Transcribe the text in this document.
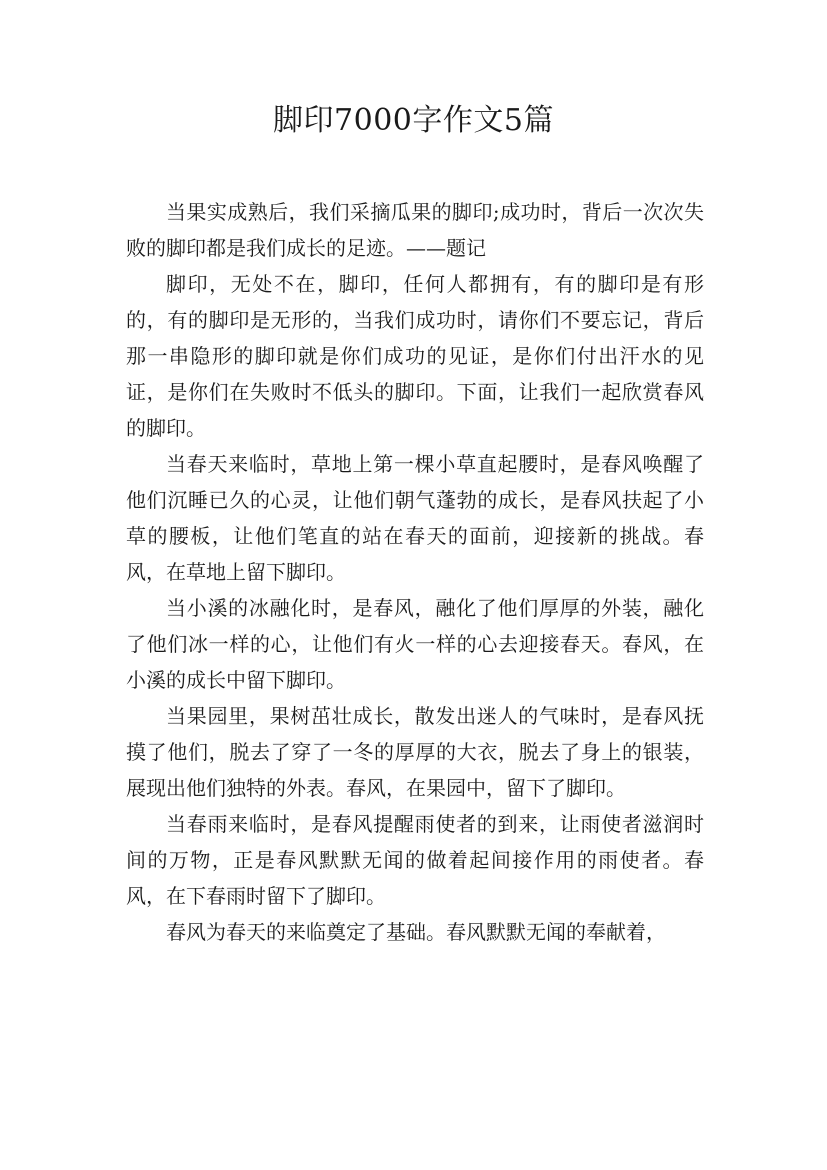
脚印7000字作文5篇

当果实成熟后，我们采摘瓜果的脚印;成功时，背后一次次失败的脚印都是我们成长的足迹。——题记

脚印，无处不在，脚印，任何人都拥有，有的脚印是有形的，有的脚印是无形的，当我们成功时，请你们不要忘记，背后那一串隐形的脚印就是你们成功的见证，是你们付出汗水的见证，是你们在失败时不低头的脚印。下面，让我们一起欣赏春风的脚印。

当春天来临时，草地上第一棵小草直起腰时，是春风唤醒了他们沉睡已久的心灵，让他们朝气蓬勃的成长，是春风扶起了小草的腰板，让他们笔直的站在春天的面前，迎接新的挑战。春风，在草地上留下脚印。

当小溪的冰融化时，是春风，融化了他们厚厚的外装，融化了他们冰一样的心，让他们有火一样的心去迎接春天。春风，在小溪的成长中留下脚印。

当果园里，果树茁壮成长，散发出迷人的气味时，是春风抚摸了他们，脱去了穿了一冬的厚厚的大衣，脱去了身上的银装，展现出他们独特的外表。春风，在果园中，留下了脚印。

当春雨来临时，是春风提醒雨使者的到来，让雨使者滋润时间的万物，正是春风默默无闻的做着起间接作用的雨使者。春风，在下春雨时留下了脚印。

春风为春天的来临奠定了基础。春风默默无闻的奉献着，
